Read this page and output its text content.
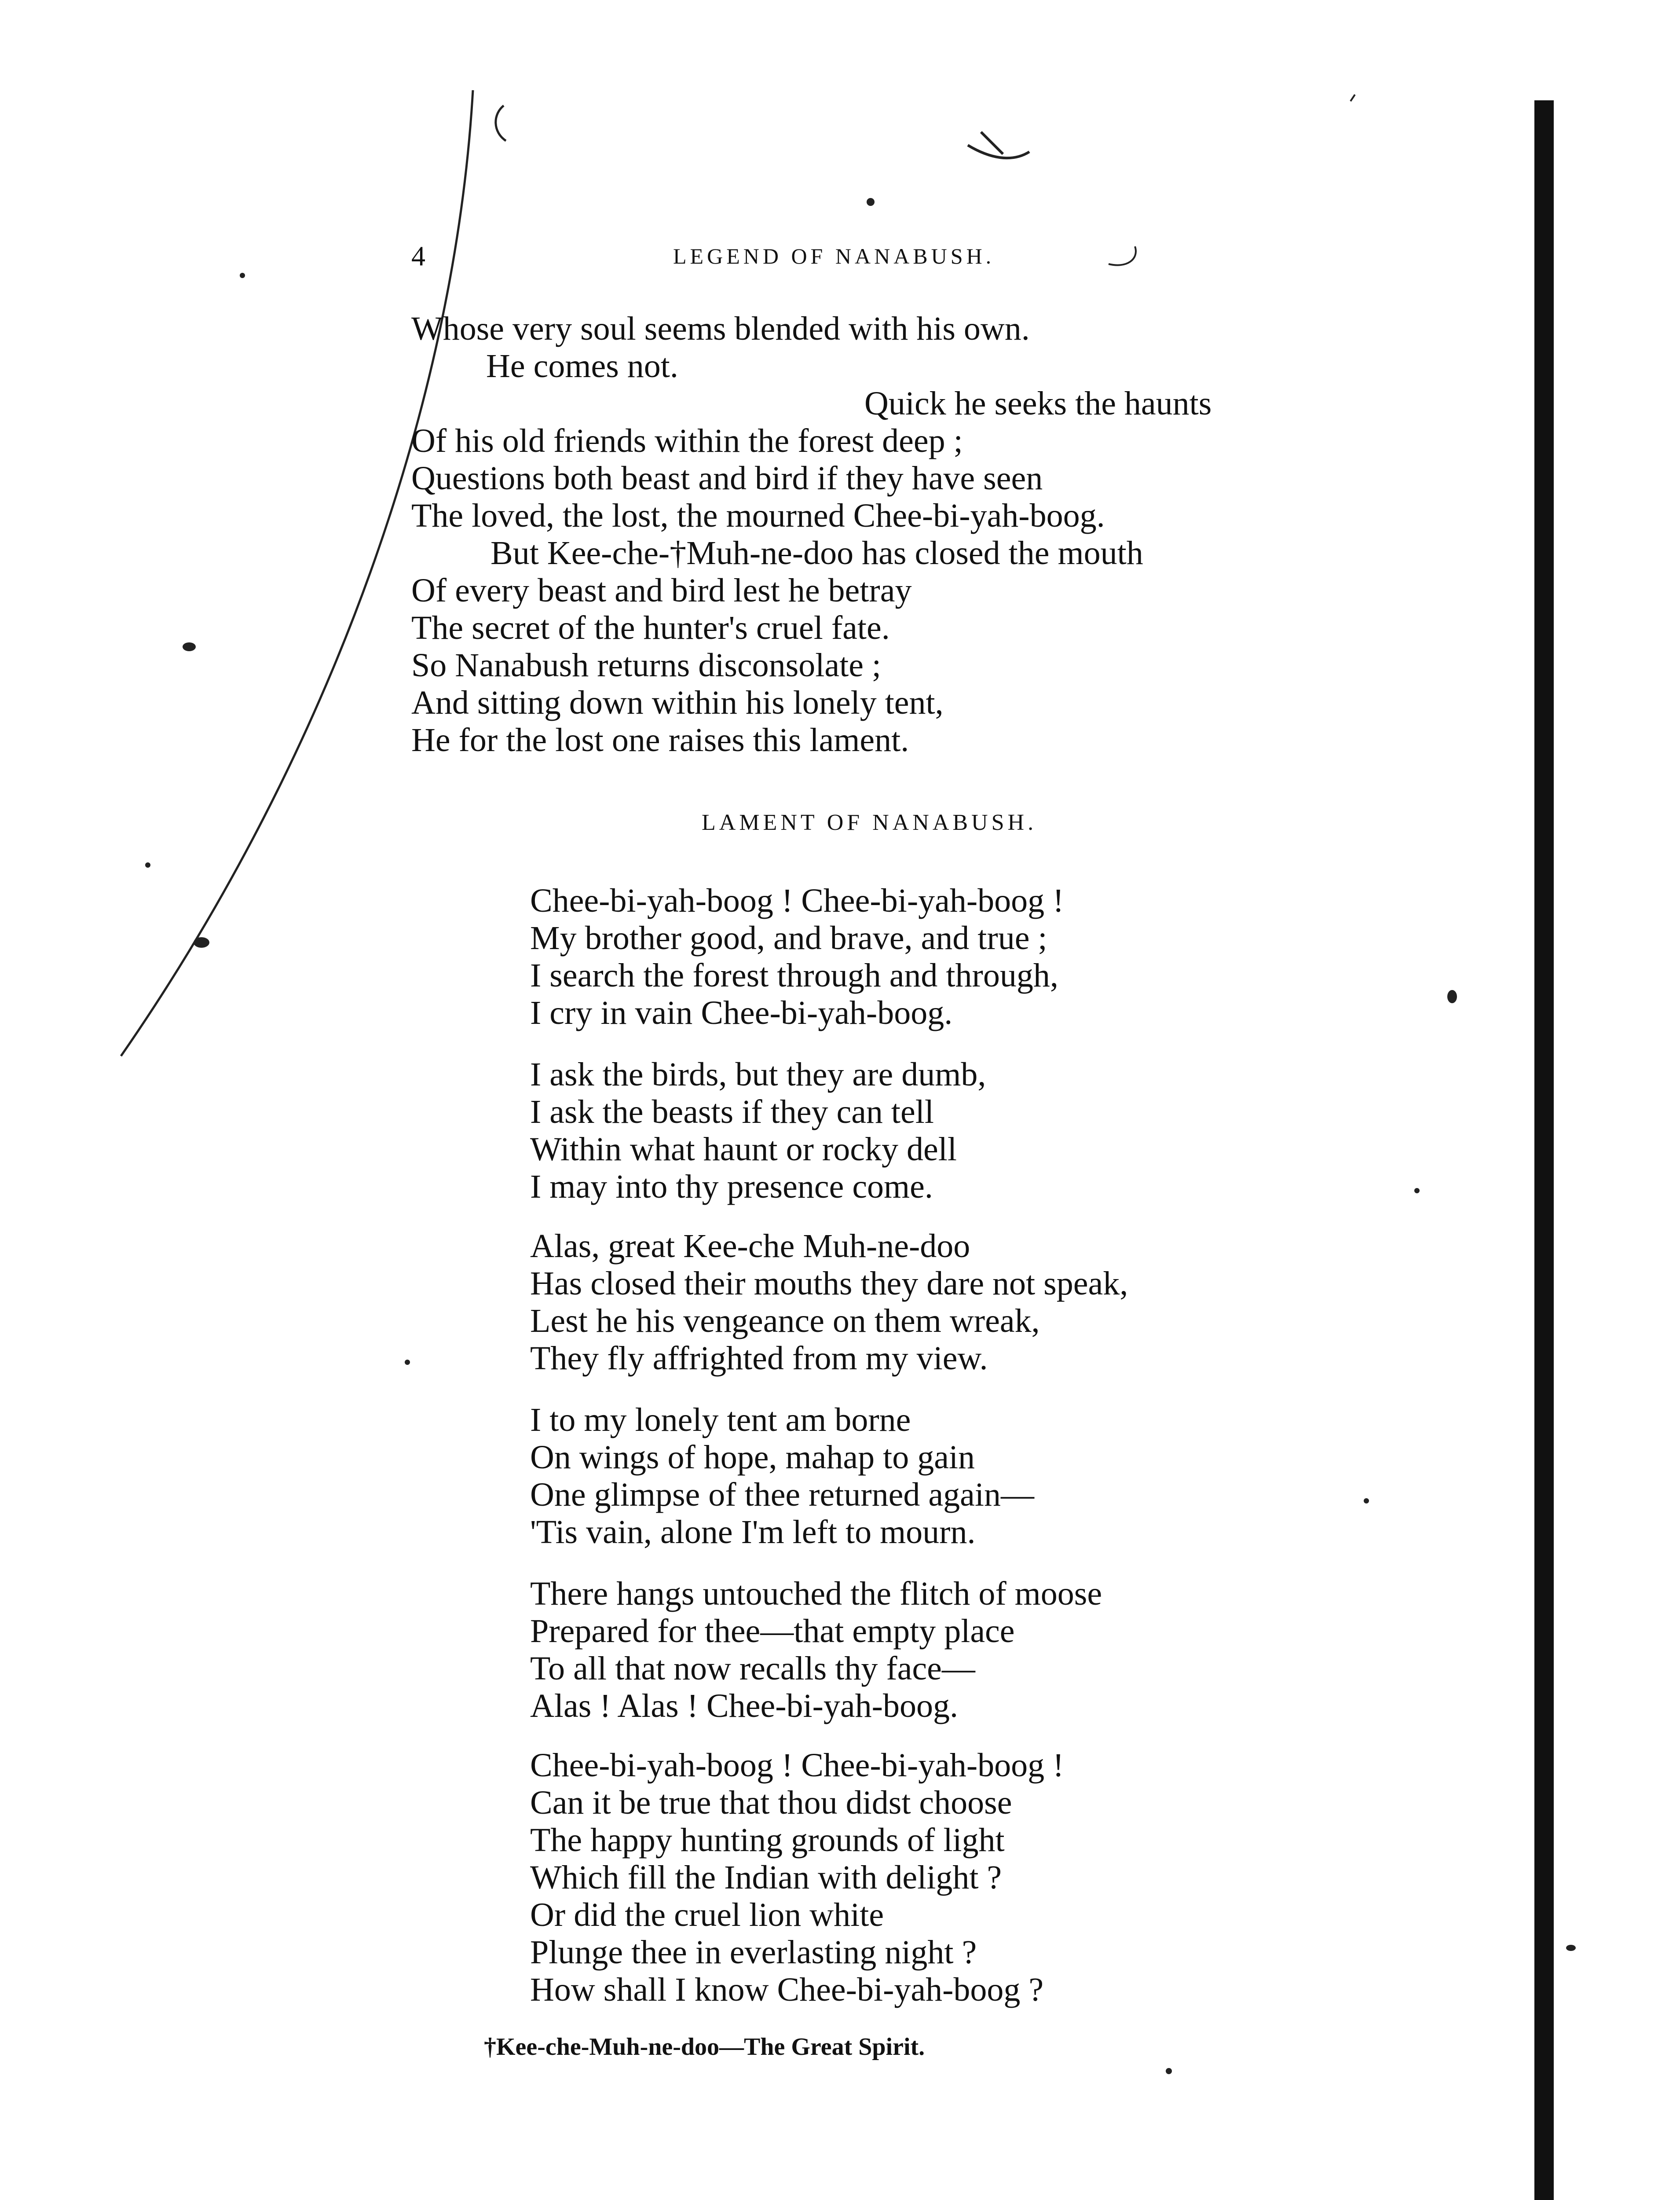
4	LEGEND OF NANABUSH.
Whose very soul seems blended with his own.
He comes not.
Quick he seeks the haunts
Of his old friends within the forest deep ;
Questions both beast and bird if they have seen
The loved, the lost, the mourned Chee-bi-yah-boog.
But Kee-che-†Muh-ne-doo has closed the mouth
Of every beast and bird lest he betray
The secret of the hunter's cruel fate.
So Nanabush returns disconsolate ;
And sitting down within his lonely tent,
He for the lost one raises this lament.
LAMENT OF NANABUSH.
Chee-bi-yah-boog ! Chee-bi-yah-boog !
My brother good, and brave, and true ;
I search the forest through and through,
I cry in vain Chee-bi-yah-boog.
I ask the birds, but they are dumb,
I ask the beasts if they can tell
Within what haunt or rocky dell
I may into thy presence come.
Alas, great Kee-che Muh-ne-doo
Has closed their mouths they dare not speak,
Lest he his vengeance on them wreak,
They fly affrighted from my view.
I to my lonely tent am borne
On wings of hope, mahap to gain
One glimpse of thee returned again—
'Tis vain, alone I'm left to mourn.
There hangs untouched the flitch of moose
Prepared for thee—that empty place
To all that now recalls thy face—
Alas ! Alas ! Chee-bi-yah-boog.
Chee-bi-yah-boog ! Chee-bi-yah-boog !
Can it be true that thou didst choose
The happy hunting grounds of light
Which fill the Indian with delight ?
Or did the cruel lion white
Plunge thee in everlasting night ?
How shall I know Chee-bi-yah-boog ?
†Kee-che-Muh-ne-doo—The Great Spirit.
